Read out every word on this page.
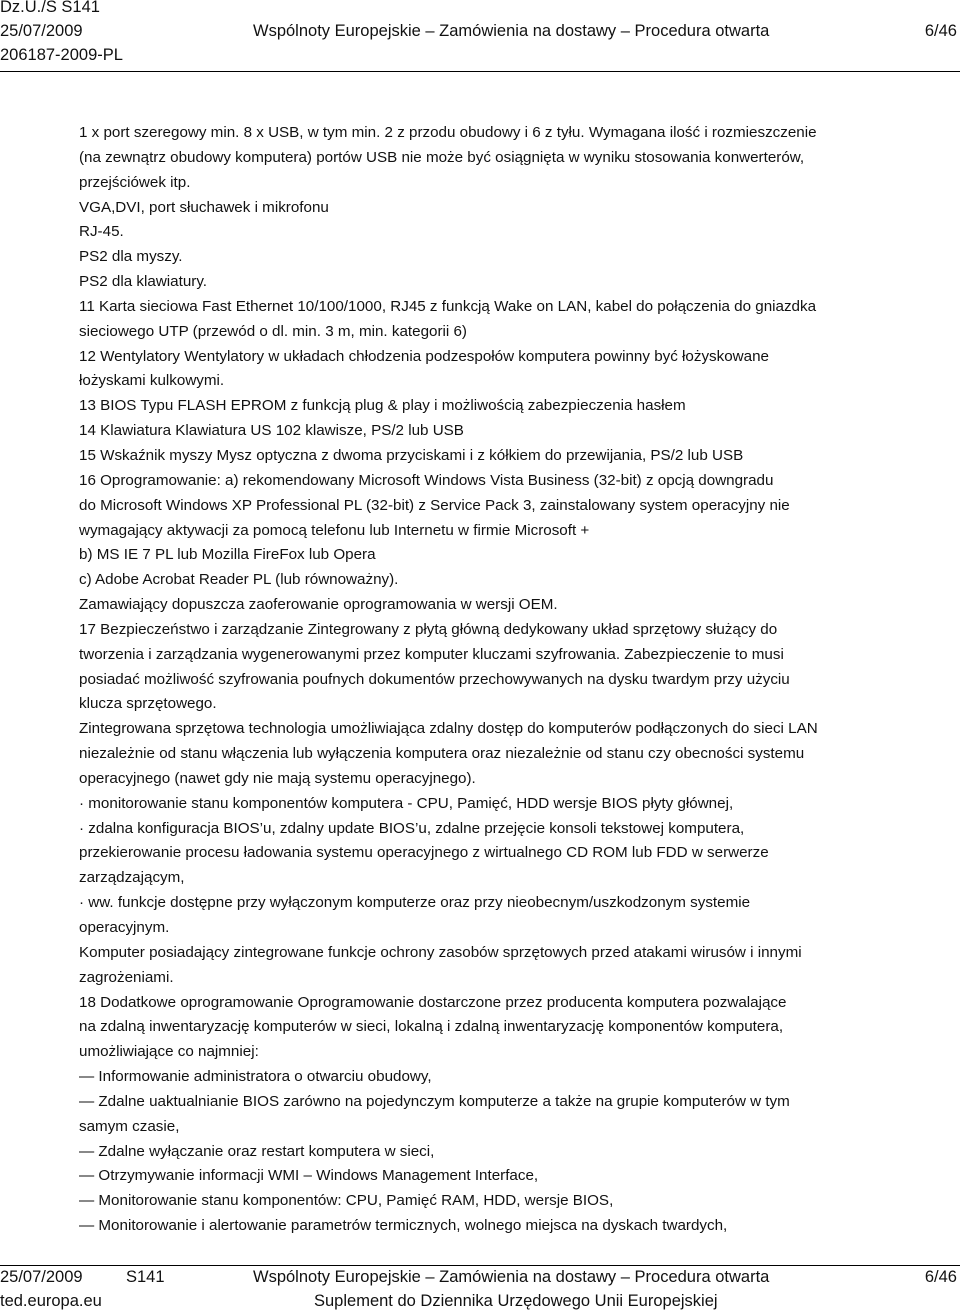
Dz.U./S S141
25/07/2009	Wspólnoty Europejskie – Zamówienia na dostawy – Procedura otwarta	6/46
206187-2009-PL
1 x port szeregowy min. 8 x USB, w tym min. 2 z przodu obudowy i 6 z tyłu. Wymagana ilość i rozmieszczenie
(na zewnątrz obudowy komputera) portów USB nie może być osiągnięta w wyniku stosowania konwerterów,
przejściówek itp.
VGA,DVI, port słuchawek i mikrofonu
RJ-45.
PS2 dla myszy.
PS2 dla klawiatury.
11 Karta sieciowa Fast Ethernet 10/100/1000, RJ45 z funkcją Wake on LAN, kabel do połączenia do gniazdka
sieciowego UTP (przewód o dl. min. 3 m, min. kategorii 6)
12 Wentylatory Wentylatory w układach chłodzenia podzespołów komputera powinny być łożyskowane
łożyskami kulkowymi.
13 BIOS Typu FLASH EPROM z funkcją plug & play i możliwością zabezpieczenia hasłem
14 Klawiatura Klawiatura US 102 klawisze, PS/2 lub USB
15 Wskaźnik myszy Mysz optyczna z dwoma przyciskami i z kółkiem do przewijania, PS/2 lub USB
16 Oprogramowanie: a) rekomendowany Microsoft Windows Vista Business (32-bit) z opcją downgradu
do Microsoft Windows XP Professional PL (32-bit) z Service Pack 3, zainstalowany system operacyjny nie
wymagający aktywacji za pomocą telefonu lub Internetu w firmie Microsoft +
b) MS IE 7 PL lub Mozilla FireFox lub Opera
c) Adobe Acrobat Reader PL (lub równoważny).
Zamawiający dopuszcza zaoferowanie oprogramowania w wersji OEM.
17 Bezpieczeństwo i zarządzanie Zintegrowany z płytą główną dedykowany układ sprzętowy służący do
tworzenia i zarządzania wygenerowanymi przez komputer kluczami szyfrowania. Zabezpieczenie to musi
posiadać możliwość szyfrowania poufnych dokumentów przechowywanych na dysku twardym przy użyciu
klucza sprzętowego.
Zintegrowana sprzętowa technologia umożliwiająca zdalny dostęp do komputerów podłączonych do sieci LAN
niezależnie od stanu włączenia lub wyłączenia komputera oraz niezależnie od stanu czy obecności systemu
operacyjnego (nawet gdy nie mają systemu operacyjnego).
· monitorowanie stanu komponentów komputera - CPU, Pamięć, HDD wersje BIOS płyty głównej,
· zdalna konfiguracja BIOS’u, zdalny update BIOS’u, zdalne przejęcie konsoli tekstowej komputera,
przekierowanie procesu ładowania systemu operacyjnego z wirtualnego CD ROM lub FDD w serwerze
zarządzającym,
· ww. funkcje dostępne przy wyłączonym komputerze oraz przy nieobecnym/uszkodzonym systemie
operacyjnym.
Komputer posiadający zintegrowane funkcje ochrony zasobów sprzętowych przed atakami wirusów i innymi
zagrożeniami.
18 Dodatkowe oprogramowanie Oprogramowanie dostarczone przez producenta komputera pozwalające
na zdalną inwentaryzację komputerów w sieci, lokalną i zdalną inwentaryzację komponentów komputera,
umożliwiające co najmniej:
— Informowanie administratora o otwarciu obudowy,
— Zdalne uaktualnianie BIOS zarówno na pojedynczym komputerze a także na grupie komputerów w tym
samym czasie,
— Zdalne wyłączanie oraz restart komputera w sieci,
— Otrzymywanie informacji WMI – Windows Management Interface,
— Monitorowanie stanu komponentów: CPU, Pamięć RAM, HDD, wersje BIOS,
— Monitorowanie i alertowanie parametrów termicznych, wolnego miejsca na dyskach twardych,
25/07/2009	S141	Wspólnoty Europejskie – Zamówienia na dostawy – Procedura otwarta	6/46
ted.europa.eu	Suplement do Dziennika Urzędowego Unii Europejskiej
